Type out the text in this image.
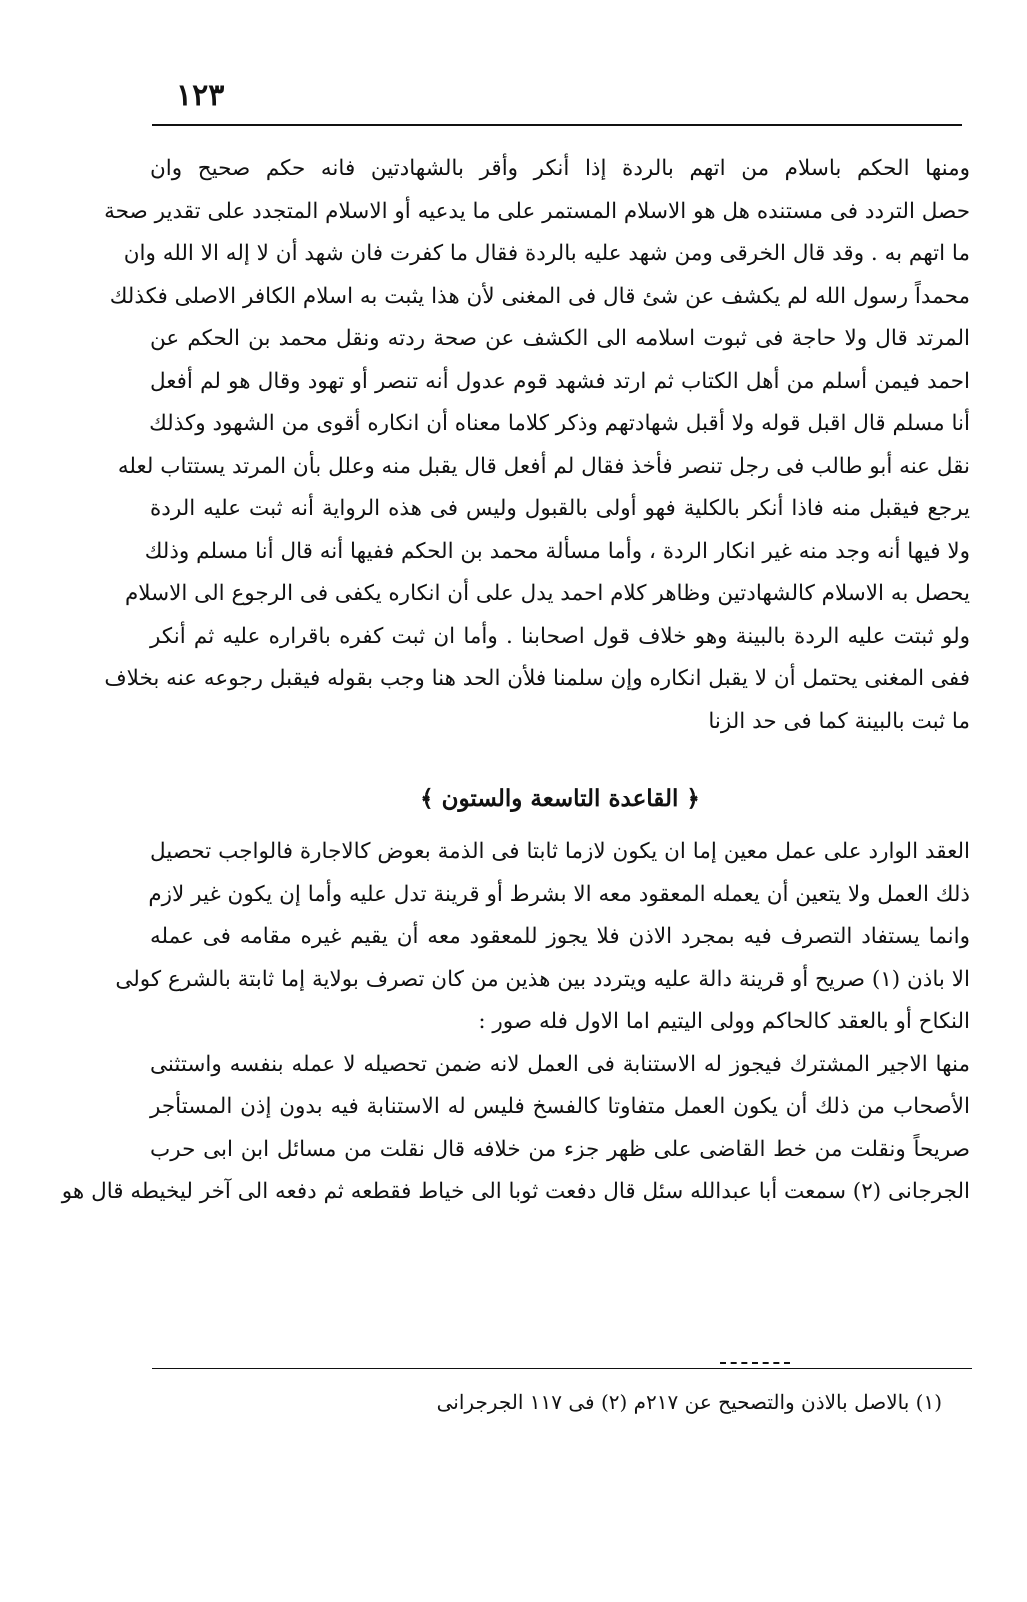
١٢٣
ومنها الحكم باسلام من اتهم بالردة إذا أنكر وأقر بالشهادتين فانه حكم صحيح وان
حصل التردد فى مستنده هل هو الاسلام المستمر على ما يدعيه أو الاسلام المتجدد على تقدير صحة
ما اتهم به . وقد قال الخرقى ومن شهد عليه بالردة فقال ما كفرت فان شهد أن لا إله الا الله وان
محمداً رسول الله لم يكشف عن شئ قال فى المغنى لأن هذا يثبت به اسلام الكافر الاصلى فكذلك
المرتد قال ولا حاجة فى ثبوت اسلامه الى الكشف عن صحة ردته ونقل محمد بن الحكم عن
احمد فيمن أسلم من أهل الكتاب ثم ارتد فشهد قوم عدول أنه تنصر أو تهود وقال هو لم أفعل
أنا مسلم قال اقبل قوله ولا أقبل شهادتهم وذكر كلاما معناه أن انكاره أقوى من الشهود وكذلك
نقل عنه أبو طالب فى رجل تنصر فأخذ فقال لم أفعل قال يقبل منه وعلل بأن المرتد يستتاب لعله
يرجع فيقبل منه فاذا أنكر بالكلية فهو أولى بالقبول وليس فى هذه الرواية أنه ثبت عليه الردة
ولا فيها أنه وجد منه غير انكار الردة ، وأما مسألة محمد بن الحكم ففيها أنه قال أنا مسلم وذلك
يحصل به الاسلام كالشهادتين وظاهر كلام احمد يدل على أن انكاره يكفى فى الرجوع الى الاسلام
ولو ثبتت عليه الردة بالبينة وهو خلاف قول اصحابنا . وأما ان ثبت كفره باقراره عليه ثم أنكر
ففى المغنى يحتمل أن لا يقبل انكاره وإن سلمنا فلأن الحد هنا وجب بقوله فيقبل رجوعه عنه بخلاف
ما ثبت بالبينة كما فى حد الزنا
﴿ القاعدة التاسعة والستون ﴾
العقد الوارد على عمل معين إما ان يكون لازما ثابتا فى الذمة بعوض كالاجارة فالواجب تحصيل
ذلك العمل ولا يتعين أن يعمله المعقود معه الا بشرط أو قرينة تدل عليه وأما إن يكون غير لازم
وانما يستفاد التصرف فيه بمجرد الاذن فلا يجوز للمعقود معه أن يقيم غيره مقامه فى عمله
الا باذن (١) صريح أو قرينة دالة عليه ويتردد بين هذين من كان تصرف بولاية إما ثابتة بالشرع كولى
النكاح أو بالعقد كالحاكم وولى اليتيم اما الاول فله صور :
منها الاجير المشترك فيجوز له الاستنابة فى العمل لانه ضمن تحصيله لا عمله بنفسه واستثنى
الأصحاب من ذلك أن يكون العمل متفاوتا كالفسخ فليس له الاستنابة فيه بدون إذن المستأجر
صريحاً ونقلت من خط القاضى على ظهر جزء من خلافه قال نقلت من مسائل ابن ابى حرب
الجرجانى (٢) سمعت أبا عبدالله سئل قال دفعت ثوبا الى خياط فقطعه ثم دفعه الى آخر ليخيطه قال هو
(١) بالاصل بالاذن والتصحيح عن ٢١٧م (٢) فى ١١٧ الجرجرانى
